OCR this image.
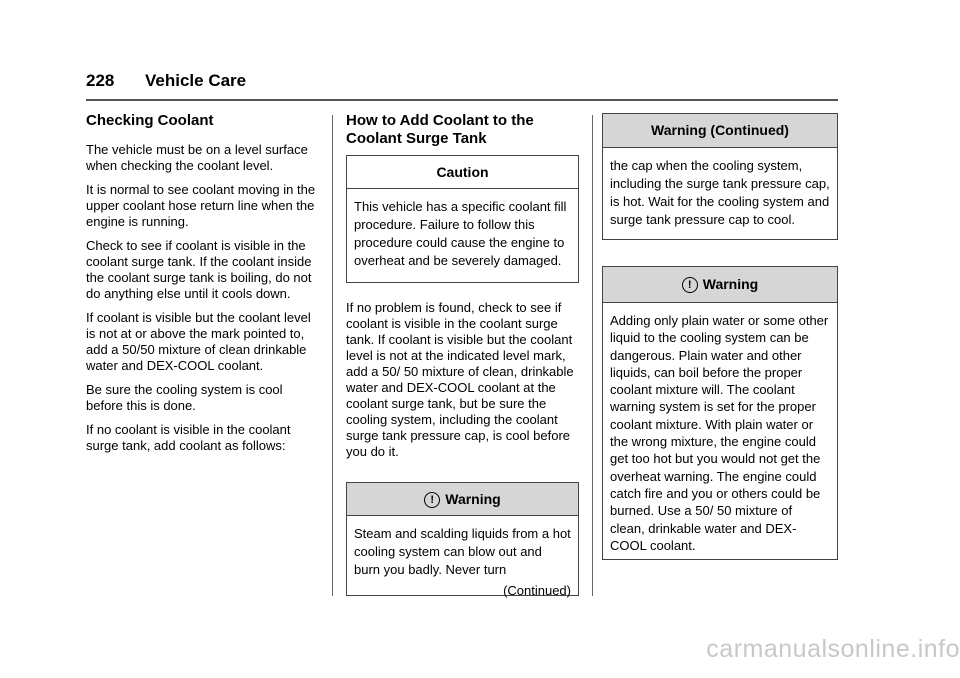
228 Vehicle Care
Checking Coolant

The vehicle must be on a level surface when checking the coolant level.

It is normal to see coolant moving in the upper coolant hose return line when the engine is running.

Check to see if coolant is visible in the coolant surge tank. If the coolant inside the coolant surge tank is boiling, do not do anything else until it cools down.

If coolant is visible but the coolant level is not at or above the mark pointed to, add a 50/50 mixture of clean drinkable water and DEX-COOL coolant.

Be sure the cooling system is cool before this is done.

If no coolant is visible in the coolant surge tank, add coolant as follows:

How to Add Coolant to the
Coolant Surge Tank
Caution
This vehicle has a specific coolant fill procedure. Failure to follow this procedure could cause the engine to overheat and be severely damaged.

If no problem is found, check to see if coolant is visible in the coolant surge tank. If coolant is visible but the coolant level is not at the indicated level mark, add a 50/ 50 mixture of clean, drinkable water and DEX-COOL coolant at the coolant surge tank, but be sure the cooling system, including the coolant surge tank pressure cap, is cool before you do it.

! Warning
Steam and scalding liquids from a hot cooling system can blow out and burn you badly. Never turn
(Continued)
Warning (Continued)
the cap when the cooling system, including the surge tank pressure cap, is hot. Wait for the cooling system and surge tank pressure cap to cool.
! Warning
Adding only plain water or some other liquid to the cooling system can be dangerous. Plain water and other liquids, can boil before the proper coolant mixture will. The coolant warning system is set for the proper coolant mixture. With plain water or the wrong mixture, the engine could get too hot but you would not get the overheat warning. The engine could catch fire and you or others could be burned. Use a 50/ 50 mixture of clean, drinkable water and DEX-COOL coolant.
carmanualsonline.info
